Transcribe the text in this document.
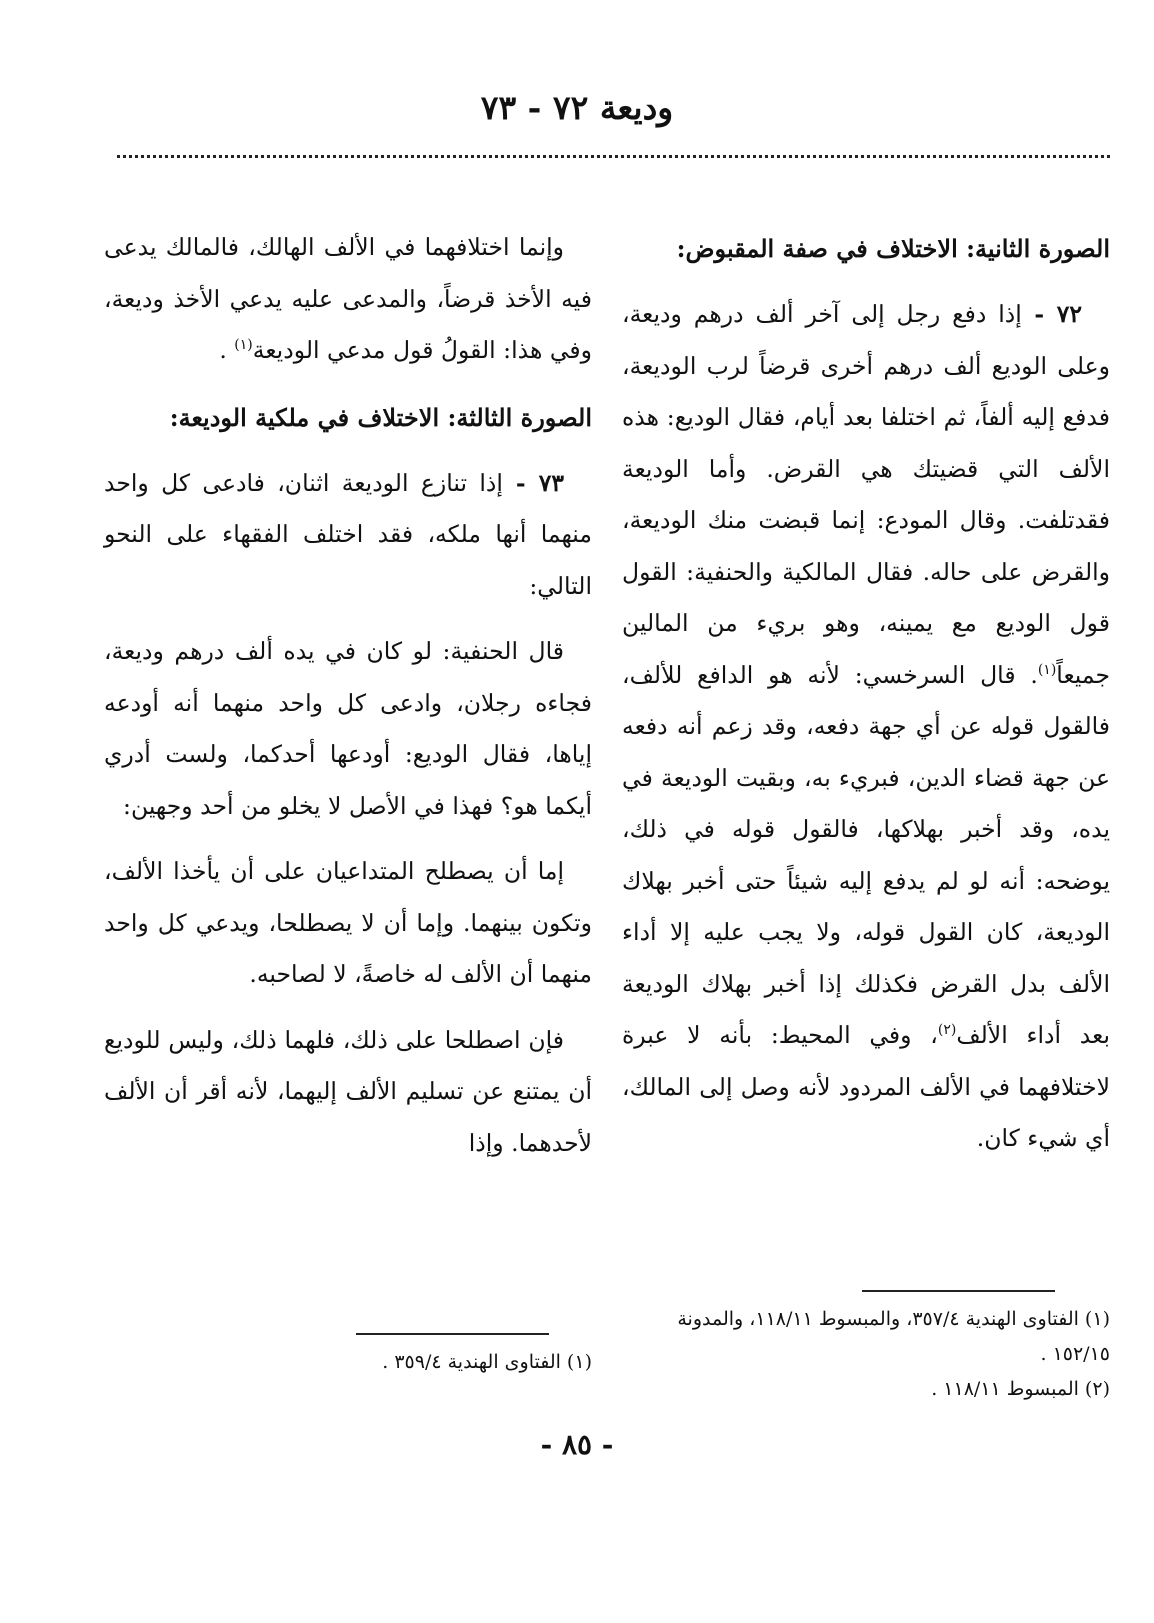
وديعة ٧٢ - ٧٣
الصورة الثانية: الاختلاف في صفة المقبوض:

٧٢ - إذا دفع رجل إلى آخر ألف درهم وديعة، وعلى الوديع ألف درهم أخرى قرضاً لرب الوديعة، فدفع إليه ألفاً، ثم اختلفا بعد أيام، فقال الوديع: هذه الألف التي قضيتك هي القرض. وأما الوديعة فقدتلفت. وقال المودع: إنما قبضت منك الوديعة، والقرض على حاله. فقال المالكية والحنفية: القول قول الوديع مع يمينه، وهو بريء من المالين جميعاً$^{(١)}$. قال السرخسي: لأنه هو الدافع للألف، فالقول قوله عن أي جهة دفعه، وقد زعم أنه دفعه عن جهة قضاء الدين، فبريء به، وبقيت الوديعة في يده، وقد أخبر بهلاكها، فالقول قوله في ذلك، يوضحه: أنه لو لم يدفع إليه شيئاً حتى أخبر بهلاك الوديعة، كان القول قوله، ولا يجب عليه إلا أداء الألف بدل القرض فكذلك إذا أخبر بهلاك الوديعة بعد أداء الألف$^{(٢)}$، وفي المحيط: بأنه لا عبرة لاختلافهما في الألف المردود لأنه وصل إلى المالك، أي شيء كان.

وإنما اختلافهما في الألف الهالك، فالمالك يدعى فيه الأخذ قرضاً، والمدعى عليه يدعي الأخذ وديعة، وفي هذا: القولُ قول مدعي الوديعة$^{(١)}$ .

الصورة الثالثة: الاختلاف في ملكية الوديعة:

٧٣ - إذا تنازع الوديعة اثنان، فادعى كل واحد منهما أنها ملكه، فقد اختلف الفقهاء على النحو التالي:

قال الحنفية: لو كان في يده ألف درهم وديعة، فجاءه رجلان، وادعى كل واحد منهما أنه أودعه إياها، فقال الوديع: أودعها أحدكما، ولست أدري أيكما هو؟ فهذا في الأصل لا يخلو من أحد وجهين:

إما أن يصطلح المتداعيان على أن يأخذا الألف، وتكون بينهما. وإما أن لا يصطلحا، ويدعي كل واحد منهما أن الألف له خاصةً، لا لصاحبه.

فإن اصطلحا على ذلك، فلهما ذلك، وليس للوديع أن يمتنع عن تسليم الألف إليهما، لأنه أقر أن الألف لأحدهما. وإذا

(١) الفتاوى الهندية ٣٥٧/٤، والمبسوط ١١٨/١١، والمدونة ١٥٢/١٥ .
(٢) المبسوط ١١٨/١١ .
(١) الفتاوى الهندية ٣٥٩/٤ .
- ٨٥ -
